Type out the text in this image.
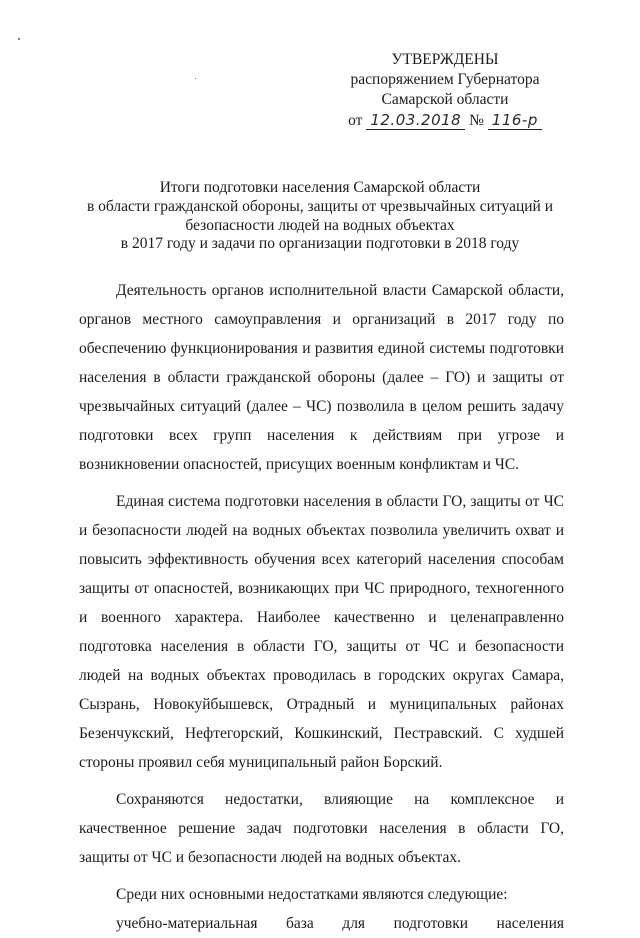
УТВЕРЖДЕНЫ
распоряжением Губернатора
Самарской области
от 12.03.2018 № 116-р
Итоги подготовки населения Самарской области
в области гражданской обороны, защиты от чрезвычайных ситуаций и
безопасности людей на водных объектах
в 2017 году и задачи по организации подготовки в 2018 году

Деятельность органов исполнительной власти Самарской области, органов местного самоуправления и организаций в 2017 году по обеспечению функционирования и развития единой системы подготовки населения в области гражданской обороны (далее – ГО) и защиты от чрезвычайных ситуаций (далее – ЧС) позволила в целом решить задачу подготовки всех групп населения к действиям при угрозе и возникновении опасностей, присущих военным конфликтам и ЧС.

Единая система подготовки населения в области ГО, защиты от ЧС и безопасности людей на водных объектах позволила увеличить охват и повысить эффективность обучения всех категорий населения способам защиты от опасностей, возникающих при ЧС природного, техногенного и военного характера. Наиболее качественно и целенаправленно подготовка населения в области ГО, защиты от ЧС и безопасности людей на водных объектах проводилась в городских округах Самара, Сызрань, Новокуйбышевск, Отрадный и муниципальных районах Безенчукский, Нефтегорский, Кошкинский, Пестравский. С худшей стороны проявил себя муниципальный район Борский.

Сохраняются недостатки, влияющие на комплексное и качественное решение задач подготовки населения в области ГО, защиты от ЧС и безопасности людей на водных объектах.

Среди них основными недостатками являются следующие:

учебно-материальная база для подготовки населения
